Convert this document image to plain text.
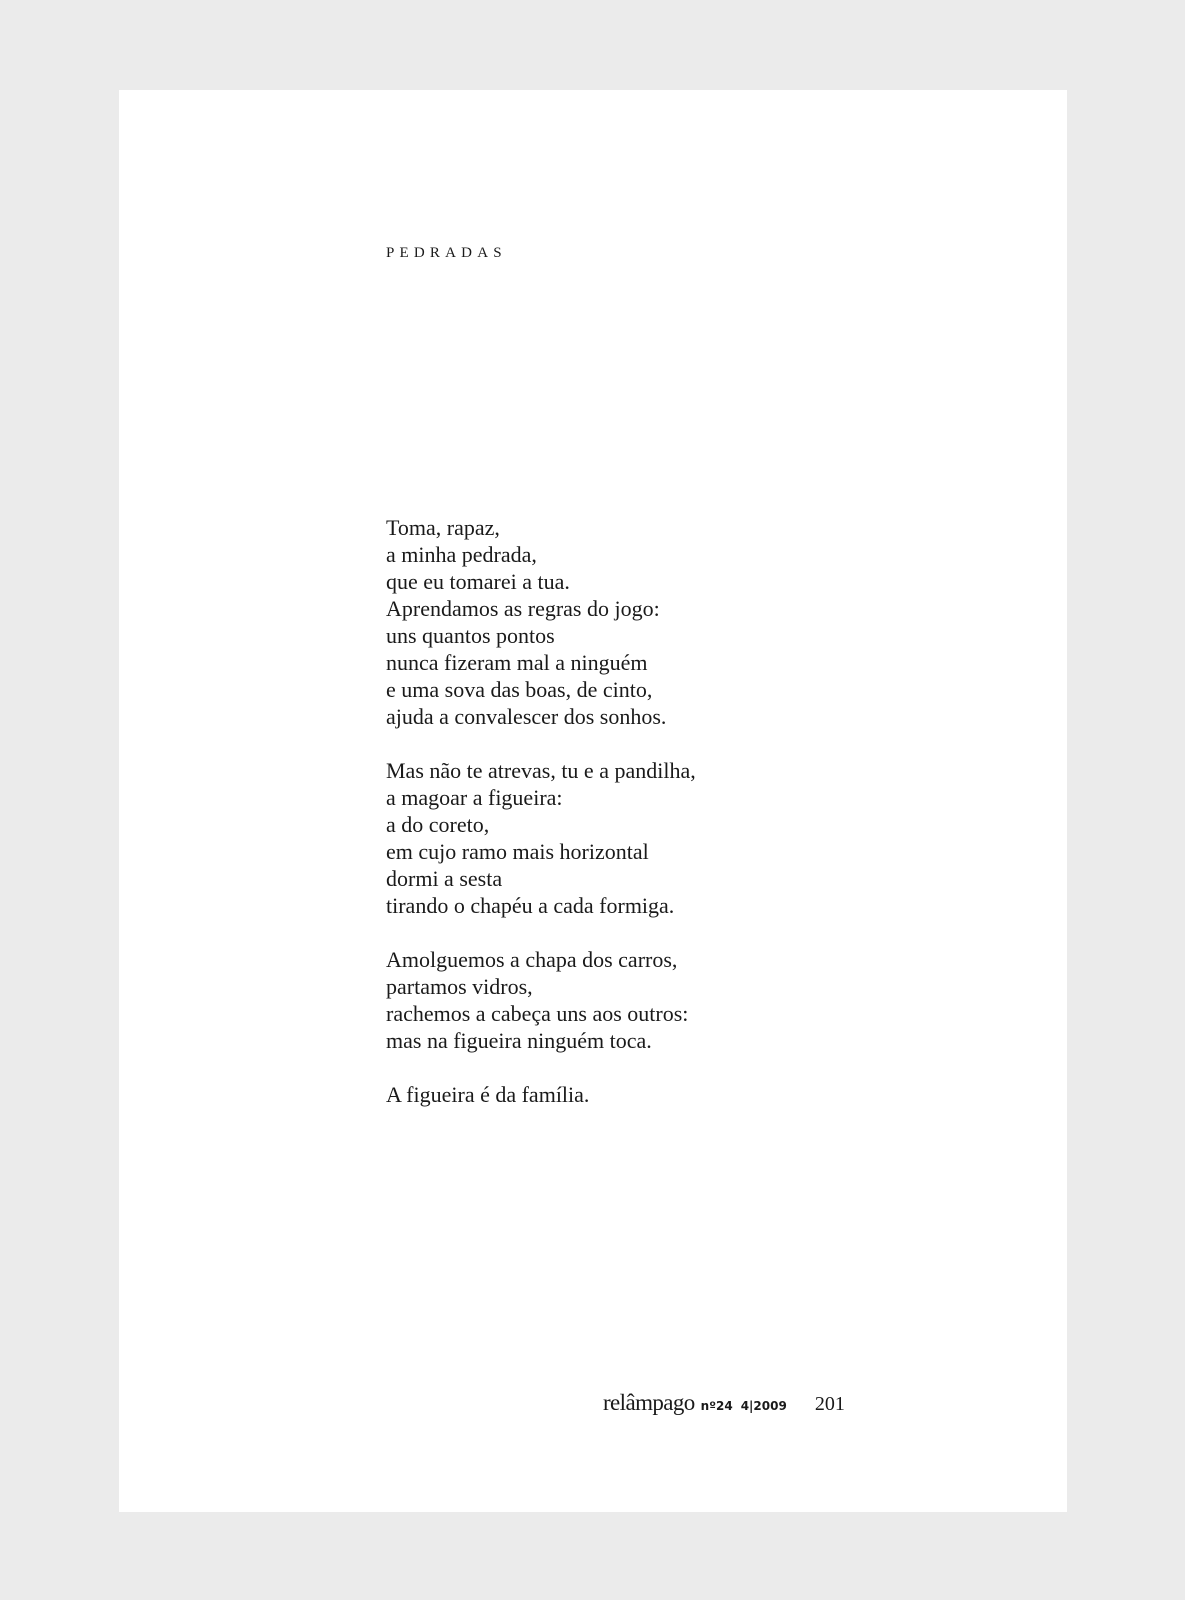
PEDRADAS
Toma, rapaz,
a minha pedrada,
que eu tomarei a tua.
Aprendamos as regras do jogo:
uns quantos pontos
nunca fizeram mal a ninguém
e uma sova das boas, de cinto,
ajuda a convalescer dos sonhos.
Mas não te atrevas, tu e a pandilha,
a magoar a figueira:
a do coreto,
em cujo ramo mais horizontal
dormi a sesta
tirando o chapéu a cada formiga.
Amolguemos a chapa dos carros,
partamos vidros,
rachemos a cabeça uns aos outros:
mas na figueira ninguém toca.
A figueira é da família.
relâmpago nº24 4|2009 201
